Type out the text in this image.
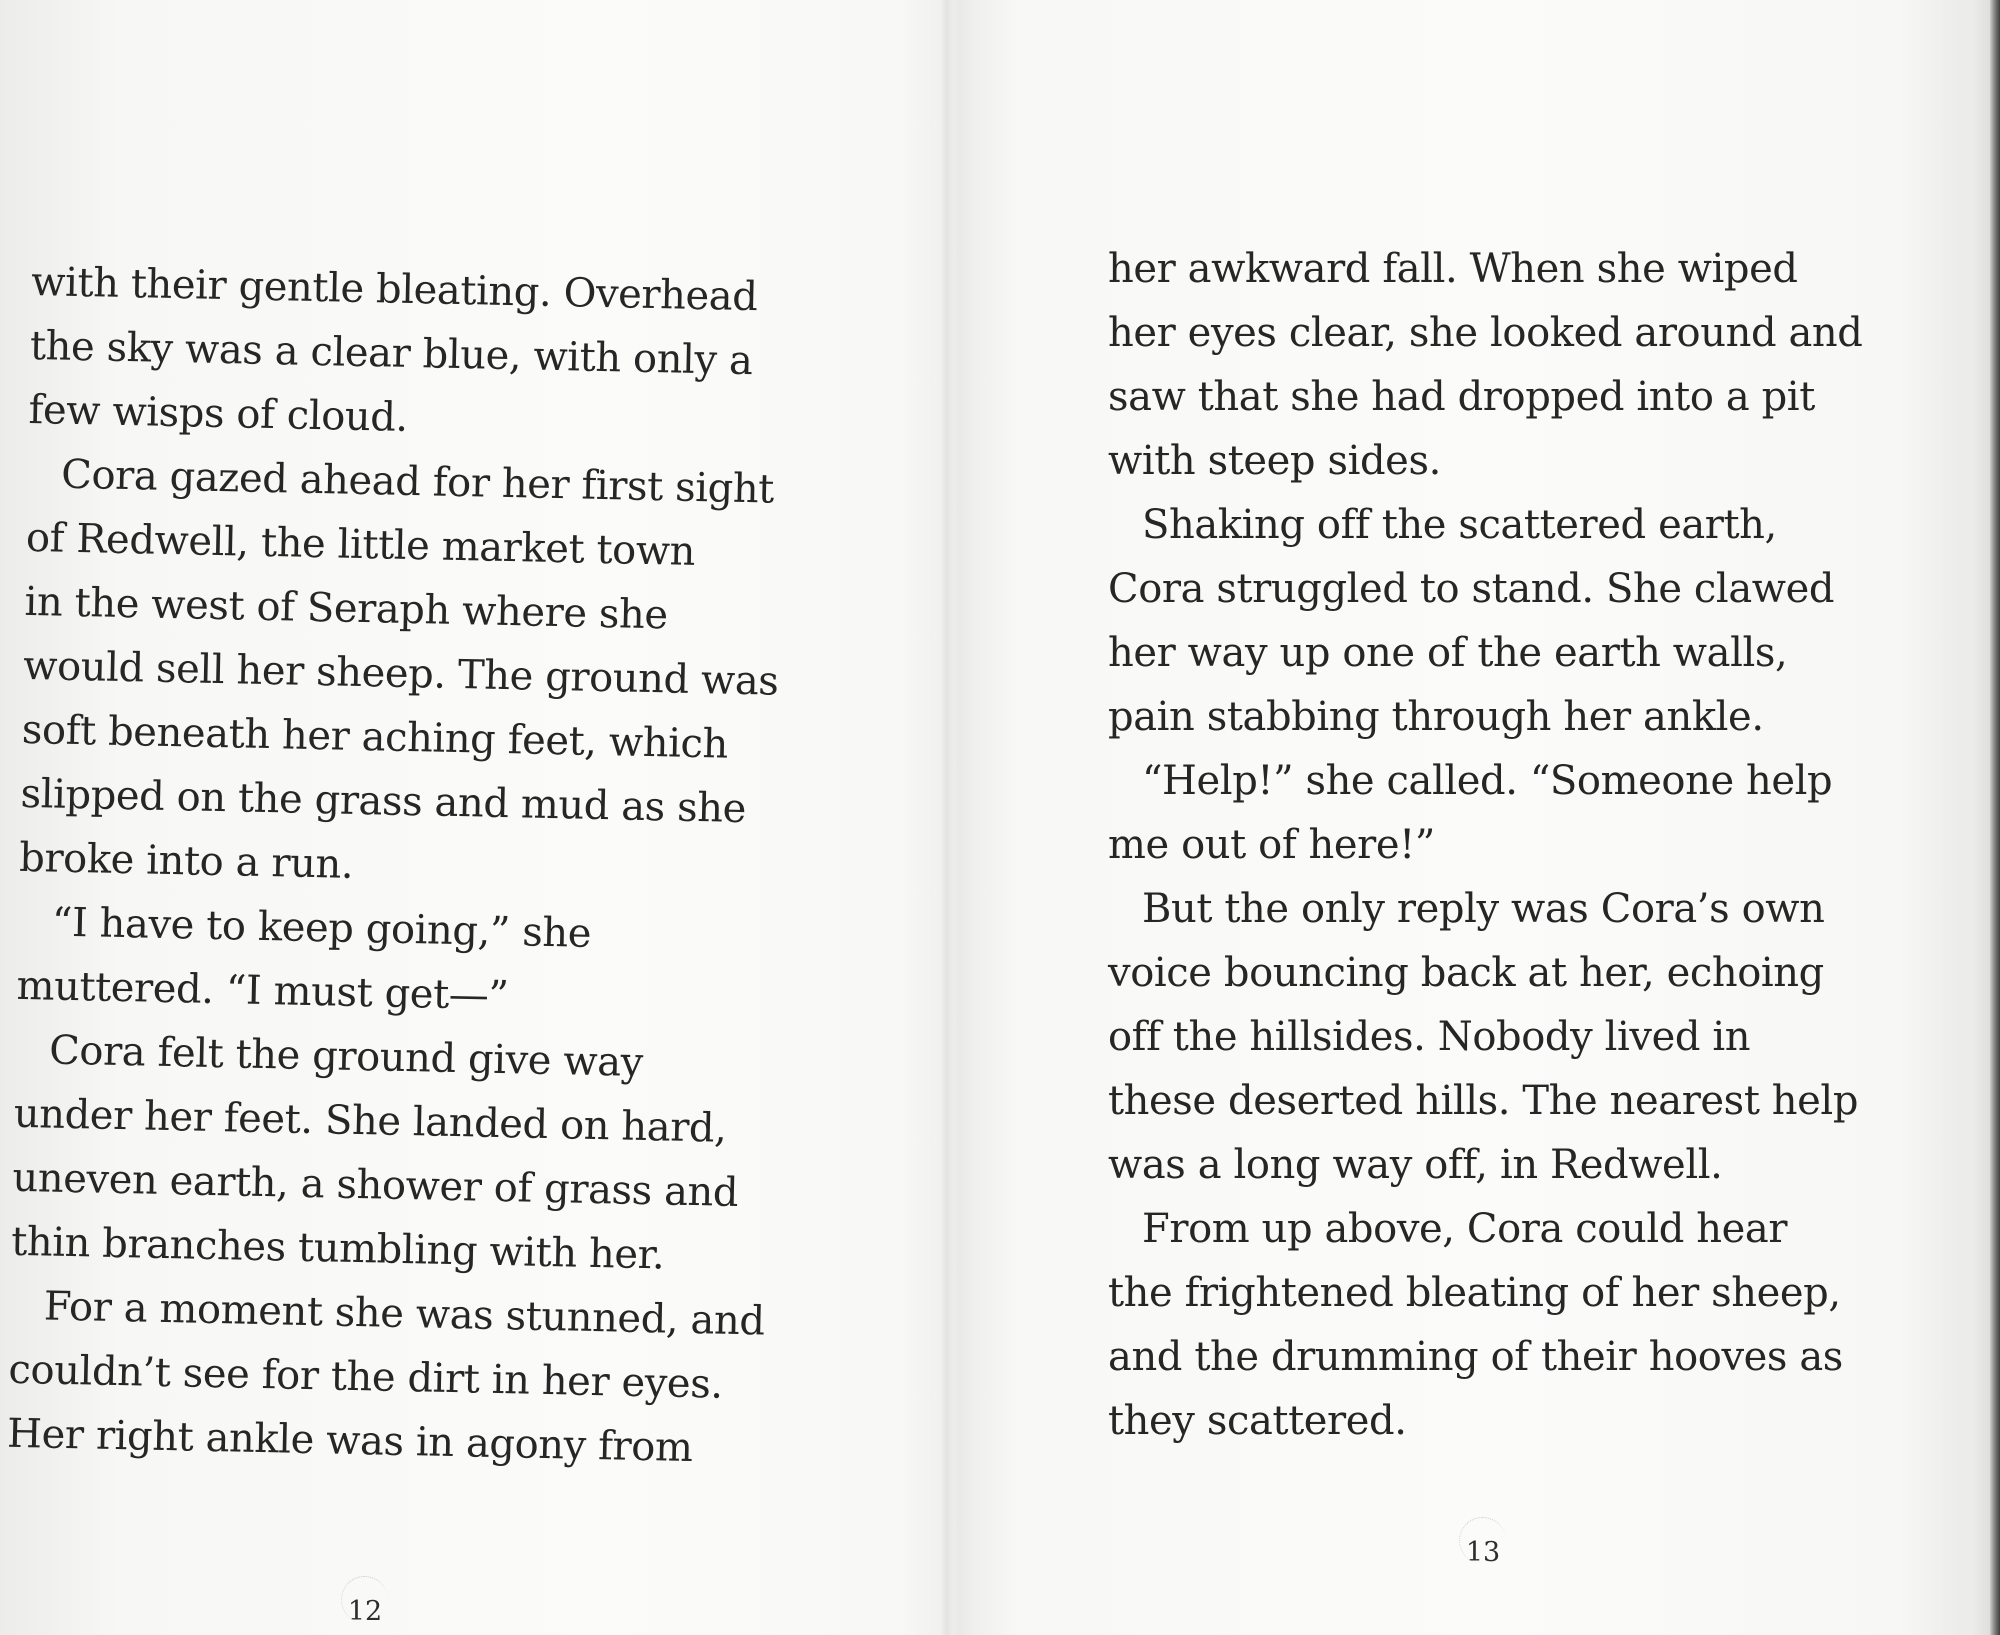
with their gentle bleating. Overhead
the sky was a clear blue, with only a
few wisps of cloud.
Cora gazed ahead for her first sight
of Redwell, the little market town
in the west of Seraph where she
would sell her sheep. The ground was
soft beneath her aching feet, which
slipped on the grass and mud as she
broke into a run.
“I have to keep going,” she
muttered. “I must get—”
Cora felt the ground give way
under her feet. She landed on hard,
uneven earth, a shower of grass and
thin branches tumbling with her.
For a moment she was stunned, and
couldn’t see for the dirt in her eyes.
Her right ankle was in agony from
12
her awkward fall. When she wiped
her eyes clear, she looked around and
saw that she had dropped into a pit
with steep sides.
Shaking off the scattered earth,
Cora struggled to stand. She clawed
her way up one of the earth walls,
pain stabbing through her ankle.
“Help!” she called. “Someone help
me out of here!”
But the only reply was Cora’s own
voice bouncing back at her, echoing
off the hillsides. Nobody lived in
these deserted hills. The nearest help
was a long way off, in Redwell.
From up above, Cora could hear
the frightened bleating of her sheep,
and the drumming of their hooves as
they scattered.
13
